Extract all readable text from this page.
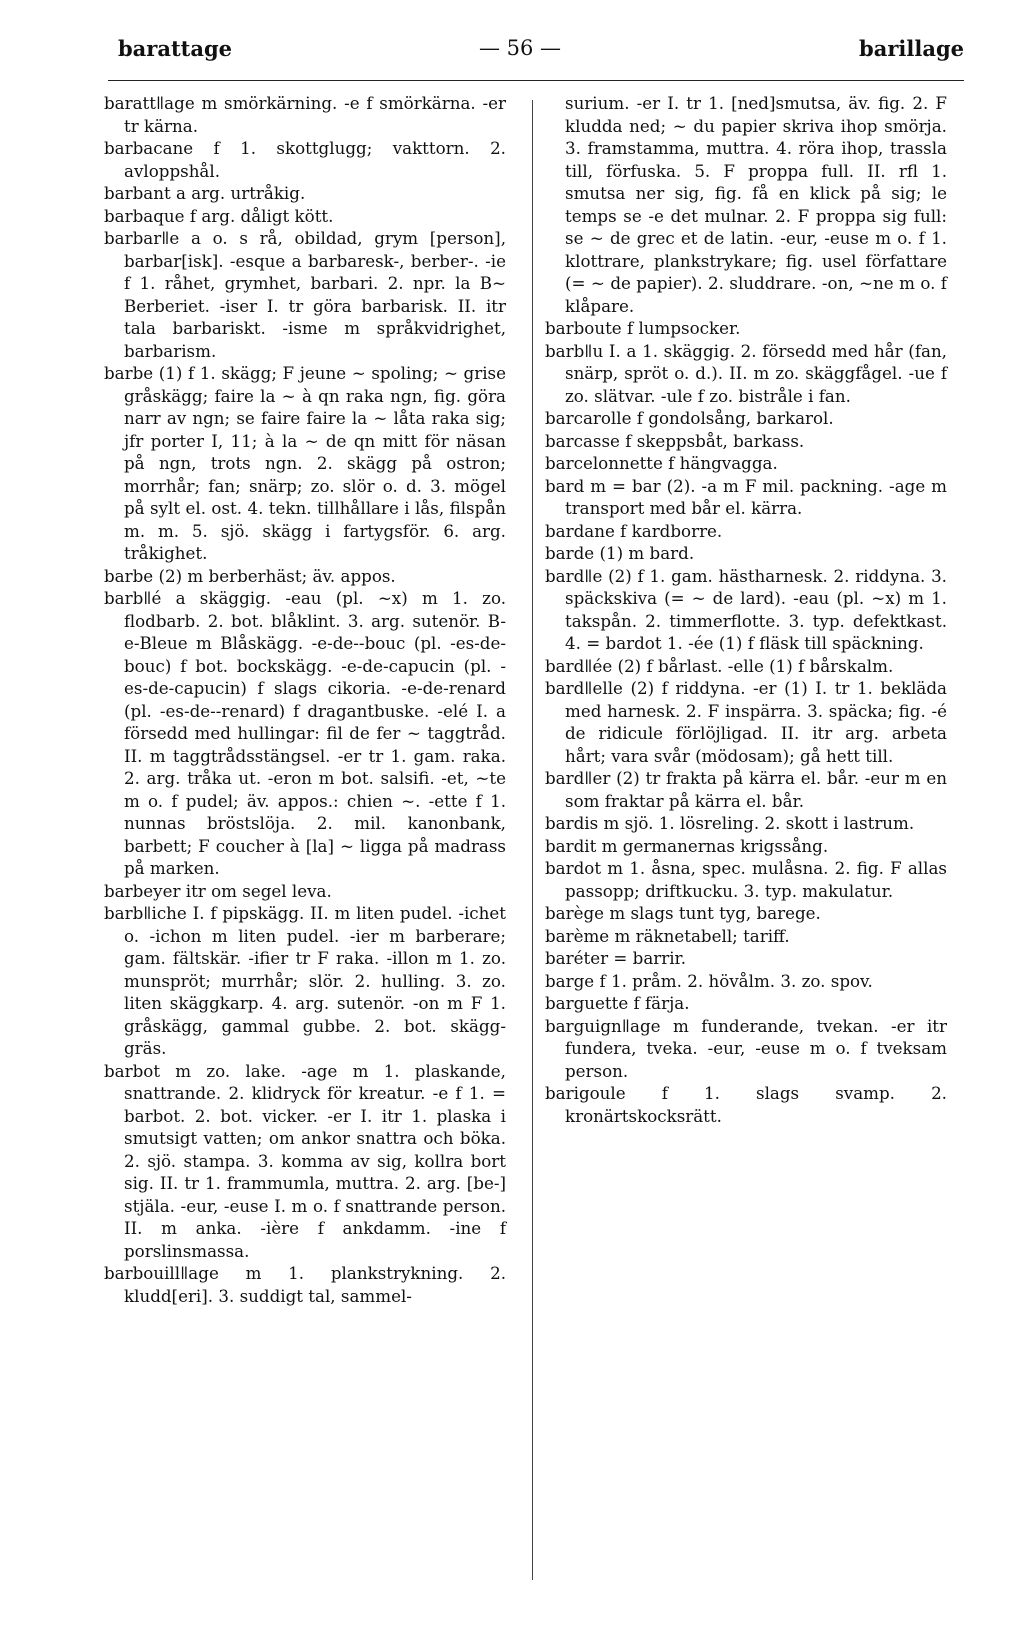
barattage	— 56 —	barillage

barattǁage m smörkärning. -e f smörkärna. -er tr kärna.

barbacane f 1. skottglugg; vakttorn. 2. avloppshål.

barbant a arg. urtråkig.

barbaque f arg. dåligt kött.

barbarǁe a o. s rå, obildad, grym [person], barbar[isk]. -esque a barbaresk-, berber-. -ie f 1. råhet, grymhet, barbari. 2. npr. la B~ Berberiet. -iser I. tr göra barbarisk. II. itr tala barbariskt. -isme m språkvidrighet, barbarism.

barbe (1) f 1. skägg; F jeune ~ spoling; ~ grise gråskägg; faire la ~ à qn raka ngn, fig. göra narr av ngn; se faire faire la ~ låta raka sig; jfr porter I, 11; à la ~ de qn mitt för näsan på ngn, trots ngn. 2. skägg på ostron; morrhår; fan; snärp; zo. slör o. d. 3. mögel på sylt el. ost. 4. tekn. tillhållare i lås, filspån m. m. 5. sjö. skägg i fartygsför. 6. arg. tråkighet.

barbe (2) m berberhäst; äv. appos.

barbǁé a skäggig. -eau (pl. ~x) m 1. zo. flodbarb. 2. bot. blåklint. 3. arg. sutenör. B-e-Bleue m Blåskägg. -e-de--bouc (pl. -es-de-bouc) f bot. bockskägg. -e-de-capucin (pl. -es-de-capucin) f slags cikoria. -e-de-renard (pl. -es-de--renard) f dragantbuske. -elé I. a försedd med hullingar: fil de fer ~ taggtråd. II. m taggtrådsstängsel. -er tr 1. gam. raka. 2. arg. tråka ut. -eron m bot. salsifi. -et, ~te m o. f pudel; äv. appos.: chien ~. -ette f 1. nunnas bröstslöja. 2. mil. kanonbank, barbett; F coucher à [la] ~ ligga på madrass på marken.

barbeyer itr om segel leva.

barbǁiche I. f pipskägg. II. m liten pudel. -ichet o. -ichon m liten pudel. -ier m barberare; gam. fältskär. -ifier tr F raka. -illon m 1. zo. munspröt; murrhår; slör. 2. hulling. 3. zo. liten skäggkarp. 4. arg. sutenör. -on m F 1. gråskägg, gammal gubbe. 2. bot. skägg-gräs.

barbot m zo. lake. -age m 1. plaskande, snattrande. 2. klidryck för kreatur. -e f 1. = barbot. 2. bot. vicker. -er I. itr 1. plaska i smutsigt vatten; om ankor snattra och böka. 2. sjö. stampa. 3. komma av sig, kollra bort sig. II. tr 1. frammumla, muttra. 2. arg. [be-] stjäla. -eur, -euse I. m o. f snattrande person. II. m anka. -ière f ankdamm. -ine f porslinsmassa.

barbouillǁage m 1. plankstrykning. 2. kludd[eri]. 3. suddigt tal, sammel-

surium. -er I. tr 1. [ned]smutsa, äv. fig. 2. F kludda ned; ~ du papier skriva ihop smörja. 3. framstamma, muttra. 4. röra ihop, trassla till, förfuska. 5. F proppa full. II. rfl 1. smutsa ner sig, fig. få en klick på sig; le temps se -e det mulnar. 2. F proppa sig full: se ~ de grec et de latin. -eur, -euse m o. f 1. klottrare, plankstrykare; fig. usel författare (= ~ de papier). 2. sluddrare. -on, ~ne m o. f klåpare.

barboute f lumpsocker.

barbǁu I. a 1. skäggig. 2. försedd med hår (fan, snärp, spröt o. d.). II. m zo. skäggfågel. -ue f zo. slätvar. -ule f zo. bistråle i fan.

barcarolle f gondolsång, barkarol.

barcasse f skeppsbåt, barkass.

barcelonnette f hängvagga.

bard m = bar (2). -a m F mil. packning. -age m transport med bår el. kärra.

bardane f kardborre.

barde (1) m bard.

bardǁe (2) f 1. gam. hästharnesk. 2. riddyna. 3. späckskiva (= ~ de lard). -eau (pl. ~x) m 1. takspån. 2. timmerflotte. 3. typ. defektkast. 4. = bardot 1. -ée (1) f fläsk till späckning.

bardǁée (2) f bårlast. -elle (1) f bårskalm.

bardǁelle (2) f riddyna. -er (1) I. tr 1. bekläda med harnesk. 2. F inspärra. 3. späcka; fig. -é de ridicule förlöjligad. II. itr arg. arbeta hårt; vara svår (mödosam); gå hett till.

bardǁer (2) tr frakta på kärra el. bår. -eur m en som fraktar på kärra el. bår.

bardis m sjö. 1. lösreling. 2. skott i lastrum.

bardit m germanernas krigssång.

bardot m 1. åsna, spec. mulåsna. 2. fig. F allas passopp; driftkucku. 3. typ. makulatur.

barège m slags tunt tyg, barege.

barème m räknetabell; tariff.

baréter = barrir.

barge f 1. pråm. 2. hövålm. 3. zo. spov.

barguette f färja.

barguignǁage m funderande, tvekan. -er itr fundera, tveka. -eur, -euse m o. f tveksam person.

barigoule f 1. slags svamp. 2. kronärtskocksrätt.
